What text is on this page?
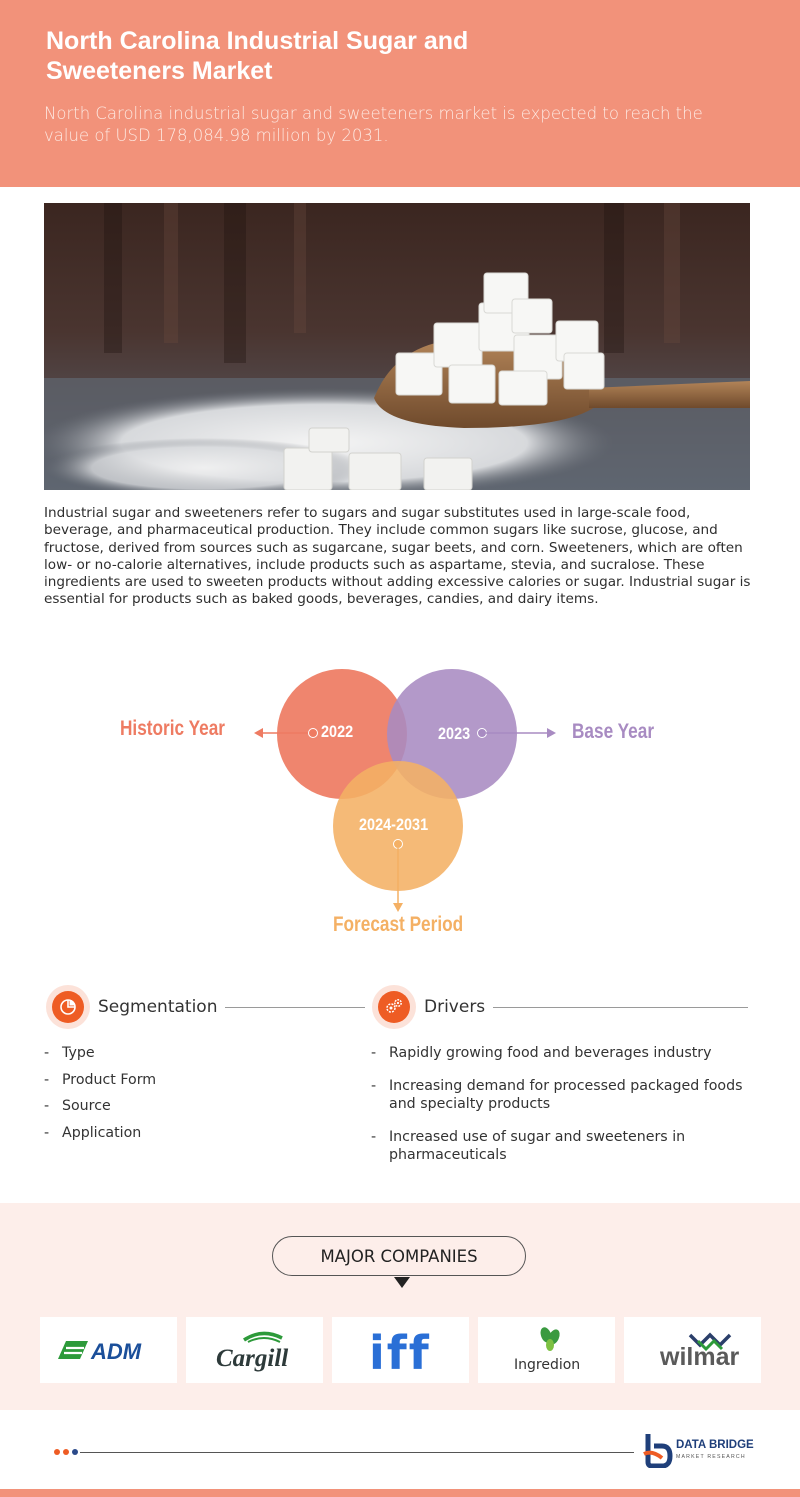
North Carolina Industrial Sugar and Sweeteners Market

North Carolina industrial sugar and sweeteners market is expected to reach the value of USD 178,084.98 million by 2031.

Industrial sugar and sweeteners refer to sugars and sugar substitutes used in large-scale food, beverage, and pharmaceutical production. They include common sugars like sucrose, glucose, and fructose, derived from sources such as sugarcane, sugar beets, and corn. Sweeteners, which are often low- or no-calorie alternatives, include products such as aspartame, stevia, and sucralose. These ingredients are used to sweeten products without adding excessive calories or sugar. Industrial sugar is essential for products such as baked goods, beverages, candies, and dairy items.

Historic Year	2022	2023	Base Year
2024-2031
Forecast Period
Segmentation
- Type
- Product Form
- Source
- Application
Drivers
- Rapidly growing food and beverages industry
- Increasing demand for processed packaged foods and specialty products
- Increased use of sugar and sweeteners in pharmaceuticals
MAJOR COMPANIES
ADM	Cargill iff	Ingredion	wilmar
DATA BRIDGE
MARKET RESEARCH
